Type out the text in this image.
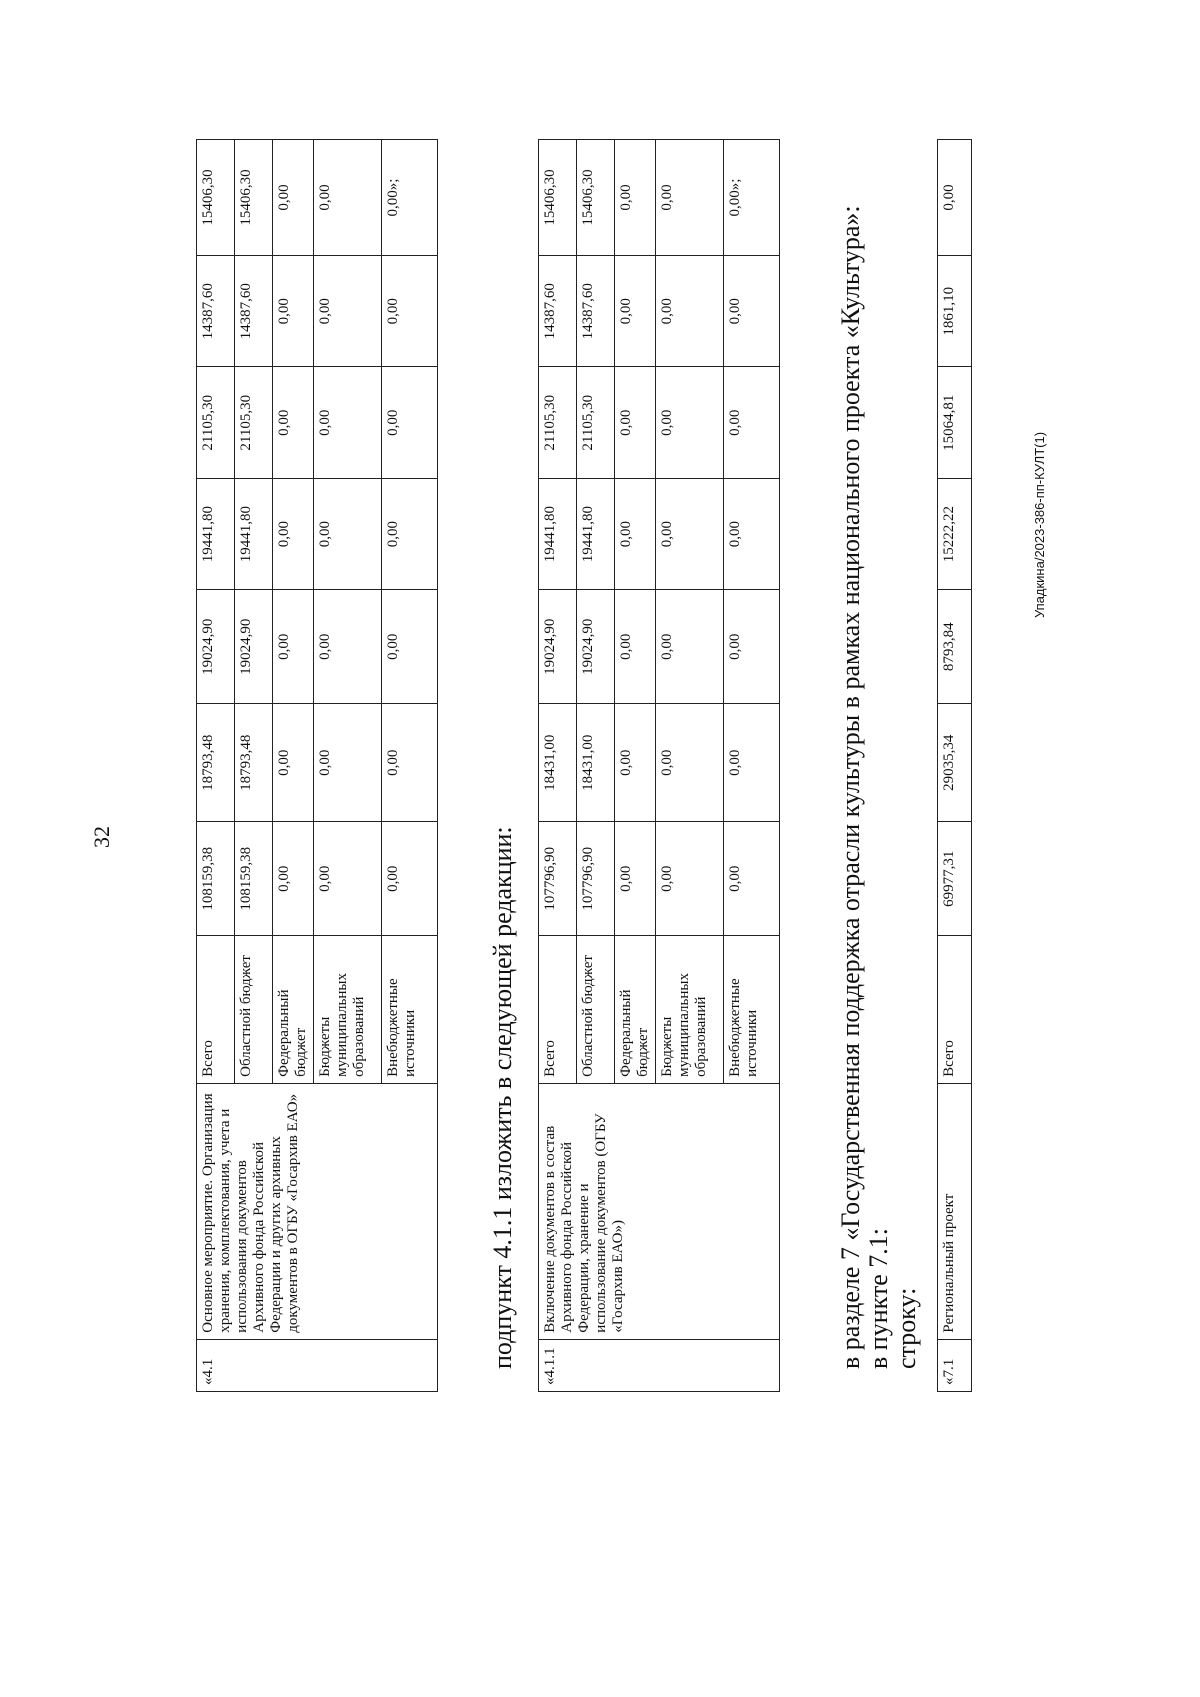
32
Упадкина/2023-386-пп-КУЛТ(1)
«4.1	Основное мероприятие. Организация хранения, комплектования, учета и использования документов Архивного фонда Российской Федерации и других архивных документов в ОГБУ «Госархив ЕАО»	Всего	108159,38	18793,48	19024,90	19441,80	21105,30	14387,60	15406,30
		Областной бюджет	108159,38	18793,48	19024,90	19441,80	21105,30	14387,60	15406,30
		Федеральный бюджет	0,00	0,00	0,00	0,00	0,00	0,00	0,00
		Бюджеты муниципальных образований	0,00	0,00	0,00	0,00	0,00	0,00	0,00
		Внебюджетные источники	0,00	0,00	0,00	0,00	0,00	0,00	0,00»;
подпункт 4.1.1 изложить в следующей редакции: «4.1.1	Включение документов в состав Архивного фонда Российской Федерации, хранение и использование документов (ОГБУ «Госархив ЕАО»)	Всего	107796,90	18431,00	19024,90	19441,80	21105,30	14387,60	15406,30
		Областной бюджет	107796,90	18431,00	19024,90	19441,80	21105,30	14387,60	15406,30
		Федеральный бюджет	0,00	0,00	0,00	0,00	0,00	0,00	0,00
		Бюджеты муниципальных образований	0,00	0,00	0,00	0,00	0,00	0,00	0,00
		Внебюджетные источники	0,00	0,00	0,00	0,00	0,00	0,00	0,00»;
в разделе 7 «Государственная поддержка отрасли культуры в рамках национального проекта «Культура»: в пункте 7.1: строку:
«7.1	Региональный проект	Всего	69977,31	29035,34	8793,84	15222,22	15064,81	1861,10	0,00
